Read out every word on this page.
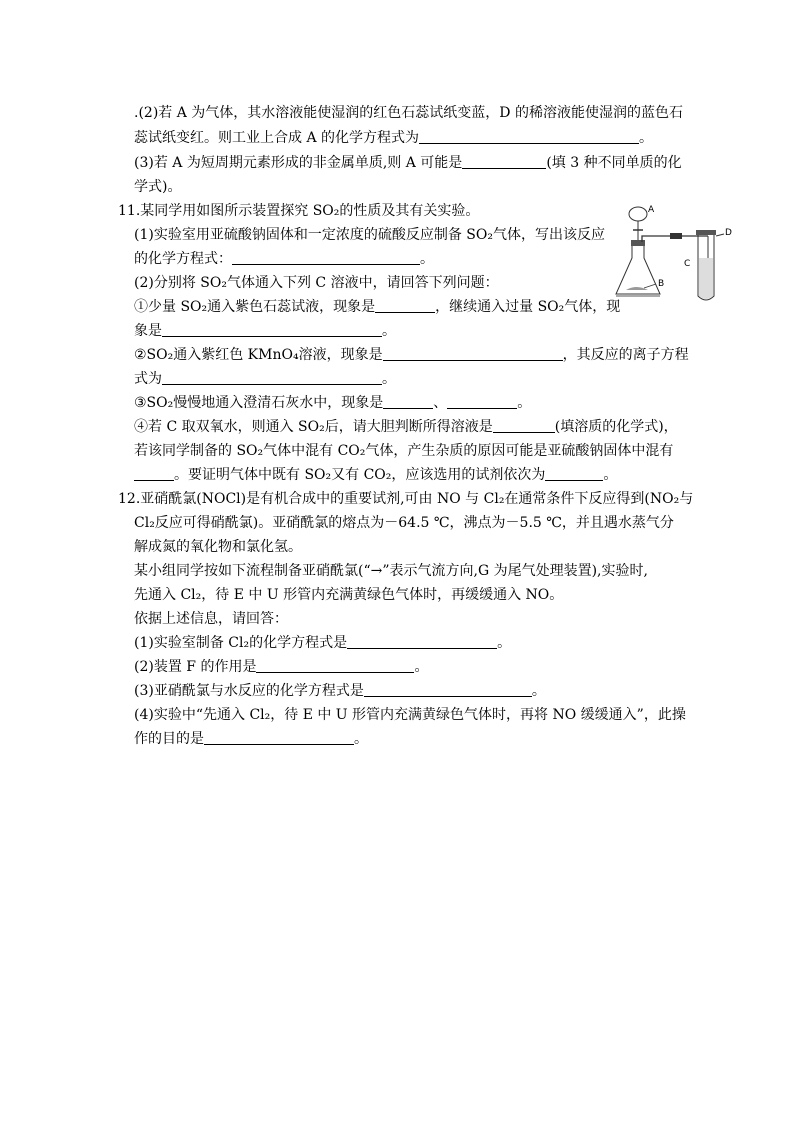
.(2)若 A 为气体，其水溶液能使湿润的红色石蕊试纸变蓝，D 的稀溶液能使湿润的蓝色石
蕊试纸变红。则工业上合成 A 的化学方程式为	。
(3)若 A 为短周期元素形成的非金属单质,则 A 可能是	(填 3 种不同单质的化
学式)。
11.某同学用如图所示装置探究 SO₂的性质及其有关实验。
(1)实验室用亚硫酸钠固体和一定浓度的硫酸反应制备 SO₂气体，写出该反应
的化学方程式：	。
(2)分别将 SO₂气体通入下列 C 溶液中，请回答下列问题：
①少量 SO₂通入紫色石蕊试液，现象是	，继续通入过量 SO₂气体，现
象是	。
②SO₂通入紫红色 KMnO₄溶液，现象是	，其反应的离子方程
式为	。
③SO₂慢慢地通入澄清石灰水中，现象是	、	。
④若 C 取双氧水，则通入 SO₂后，请大胆判断所得溶液是	(填溶质的化学式)，
若该同学制备的 SO₂气体中混有 CO₂气体，产生杂质的原因可能是亚硫酸钠固体中混有
。要证明气体中既有 SO₂又有 CO₂，应该选用的试剂依次为	。
A
B
C
D
12.亚硝酰氯(NOCl)是有机合成中的重要试剂,可由 NO 与 Cl₂在通常条件下反应得到(NO₂与
Cl₂反应可得硝酰氯)。亚硝酰氯的熔点为－64.5 ℃，沸点为－5.5 ℃，并且遇水蒸气分
解成氮的氧化物和氯化氢。
某小组同学按如下流程制备亚硝酰氯(“→”表示气流方向,G 为尾气处理装置),实验时,
先通入 Cl₂，待 E 中 U 形管内充满黄绿色气体时，再缓缓通入 NO。
依据上述信息，请回答：
(1)实验室制备 Cl₂的化学方程式是	。
(2)装置 F 的作用是	。
(3)亚硝酰氯与水反应的化学方程式是	。
(4)实验中“先通入 Cl₂，待 E 中 U 形管内充满黄绿色气体时，再将 NO 缓缓通入”，此操
作的目的是	。
